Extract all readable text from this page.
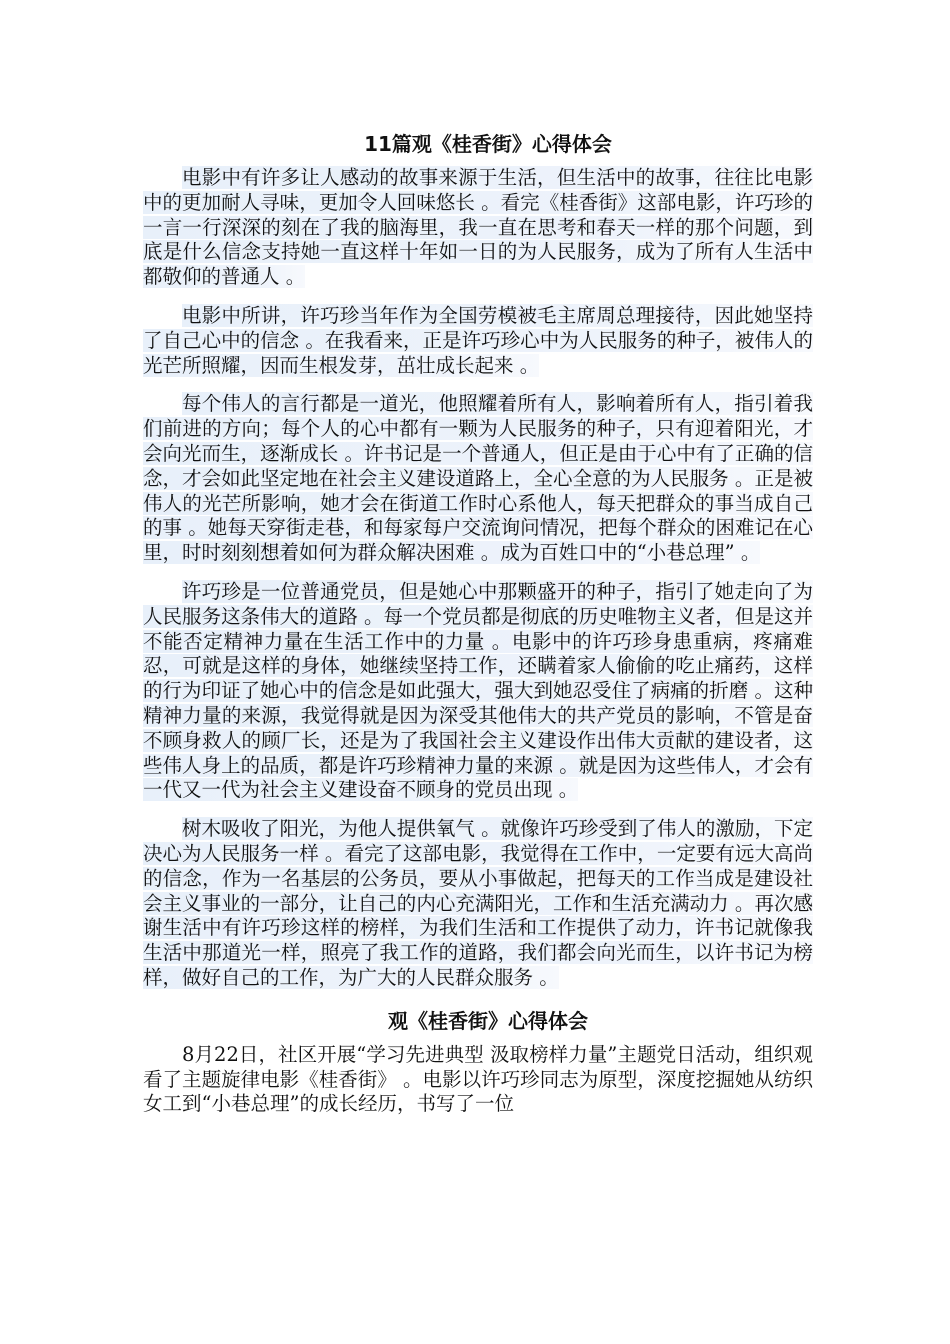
11篇观《桂香街》心得体会

电影中有许多让人感动的故事来源于生活，但生活中的故事，往往比电影中的更加耐人寻味，更加令人回味悠长 。看完《桂香街》这部电影，许巧珍的一言一行深深的刻在了我的脑海里，我一直在思考和春天一样的那个问题，到底是什么信念支持她一直这样十年如一日的为人民服务，成为了所有人生活中都敬仰的普通人 。

电影中所讲，许巧珍当年作为全国劳模被毛主席周总理接待，因此她坚持了自己心中的信念 。在我看来，正是许巧珍心中为人民服务的种子，被伟人的光芒所照耀，因而生根发芽，茁壮成长起来 。

每个伟人的言行都是一道光，他照耀着所有人，影响着所有人，指引着我们前进的方向；每个人的心中都有一颗为人民服务的种子，只有迎着阳光，才会向光而生，逐渐成长 。许书记是一个普通人，但正是由于心中有了正确的信念，才会如此坚定地在社会主义建设道路上，全心全意的为人民服务 。正是被伟人的光芒所影响，她才会在街道工作时心系他人，每天把群众的事当成自己的事 。她每天穿街走巷，和每家每户交流询问情况，把每个群众的困难记在心里，时时刻刻想着如何为群众解决困难 。成为百姓口中的“小巷总理” 。

许巧珍是一位普通党员，但是她心中那颗盛开的种子，指引了她走向了为人民服务这条伟大的道路 。每一个党员都是彻底的历史唯物主义者，但是这并不能否定精神力量在生活工作中的力量 。电影中的许巧珍身患重病，疼痛难忍，可就是这样的身体，她继续坚持工作，还瞒着家人偷偷的吃止痛药，这样的行为印证了她心中的信念是如此强大，强大到她忍受住了病痛的折磨 。这种精神力量的来源，我觉得就是因为深受其他伟大的共产党员的影响，不管是奋不顾身救人的顾厂长，还是为了我国社会主义建设作出伟大贡献的建设者，这些伟人身上的品质，都是许巧珍精神力量的来源 。就是因为这些伟人，才会有一代又一代为社会主义建设奋不顾身的党员出现 。

树木吸收了阳光，为他人提供氧气 。就像许巧珍受到了伟人的激励，下定决心为人民服务一样 。看完了这部电影，我觉得在工作中，一定要有远大高尚的信念，作为一名基层的公务员，要从小事做起，把每天的工作当成是建设社会主义事业的一部分，让自己的内心充满阳光，工作和生活充满动力 。再次感谢生活中有许巧珍这样的榜样，为我们生活和工作提供了动力，许书记就像我生活中那道光一样，照亮了我工作的道路，我们都会向光而生，以许书记为榜样，做好自己的工作，为广大的人民群众服务 。

观《桂香街》心得体会

8月22日，社区开展“学习先进典型 汲取榜样力量”主题党日活动，组织观看了主题旋律电影《桂香街》 。电影以许巧珍同志为原型，深度挖掘她从纺织女工到“小巷总理”的成长经历，书写了一位
